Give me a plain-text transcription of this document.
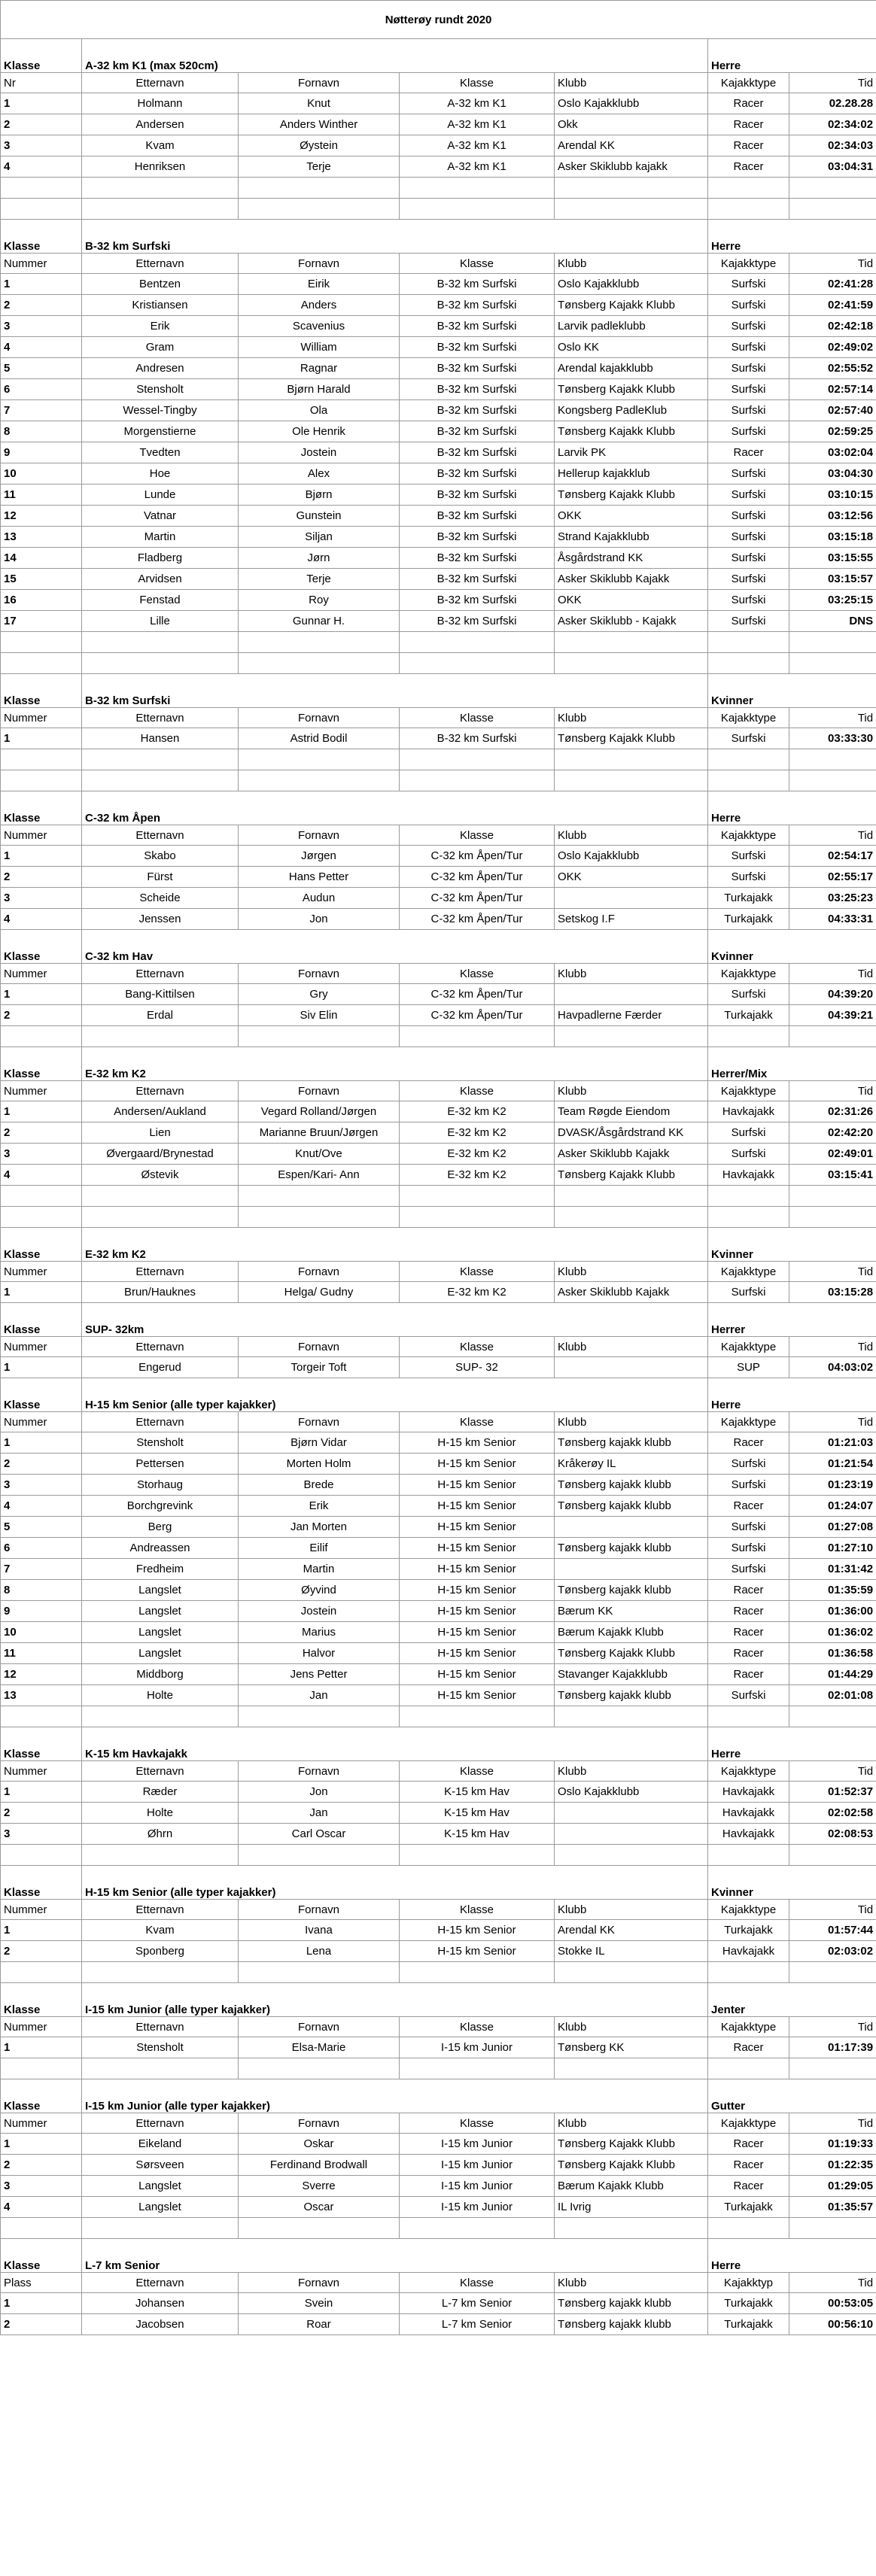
Nøtterøy rundt 2020						
Klasse	A-32 km K1 (max 520cm)				Herre	
Nr	Etternavn	Fornavn	Klasse	Klubb	Kajakktype	Tid
1	Holmann	Knut	A-32 km K1	Oslo Kajakklubb	Racer	02.28.28
2	Andersen	Anders Winther	A-32 km K1	Okk	Racer	02:34:02
3	Kvam	Øystein	A-32 km K1	Arendal KK	Racer	02:34:03
4	Henriksen	Terje	A-32 km K1	Asker Skiklubb kajakk	Racer	03:04:31

Klasse	B-32 km Surfski				Herre	
Nummer	Etternavn	Fornavn	Klasse	Klubb	Kajakktype	Tid
1	Bentzen	Eirik	B-32 km Surfski	Oslo Kajakklubb	Surfski	02:41:28
2	Kristiansen	Anders	B-32 km Surfski	Tønsberg Kajakk Klubb	Surfski	02:41:59
3	Erik	Scavenius	B-32 km Surfski	Larvik padleklubb	Surfski	02:42:18
4	Gram	William	B-32 km Surfski	Oslo KK	Surfski	02:49:02
5	Andresen	Ragnar	B-32 km Surfski	Arendal kajakklubb	Surfski	02:55:52
6	Stensholt	Bjørn Harald	B-32 km Surfski	Tønsberg Kajakk Klubb	Surfski	02:57:14
7	Wessel-Tingby	Ola	B-32 km Surfski	Kongsberg PadleKlub	Surfski	02:57:40
8	Morgenstierne	Ole Henrik	B-32 km Surfski	Tønsberg Kajakk Klubb	Surfski	02:59:25
9	Tvedten	Jostein	B-32 km Surfski	Larvik PK	Racer	03:02:04
10	Hoe	Alex	B-32 km Surfski	Hellerup kajakklub	Surfski	03:04:30
11	Lunde	Bjørn	B-32 km Surfski	Tønsberg Kajakk Klubb	Surfski	03:10:15
12	Vatnar	Gunstein	B-32 km Surfski	OKK	Surfski	03:12:56
13	Martin	Siljan	B-32 km Surfski	Strand Kajakklubb	Surfski	03:15:18
14	Fladberg	Jørn	B-32 km Surfski	Åsgårdstrand KK	Surfski	03:15:55
15	Arvidsen	Terje	B-32 km Surfski	Asker Skiklubb Kajakk	Surfski	03:15:57
16	Fenstad	Roy	B-32 km Surfski	OKK	Surfski	03:25:15
17	Lille	Gunnar H.	B-32 km Surfski	Asker Skiklubb - Kajakk	Surfski	DNS

Klasse	B-32 km Surfski				Kvinner	
Nummer	Etternavn	Fornavn	Klasse	Klubb	Kajakktype	Tid
1	Hansen	Astrid Bodil	B-32 km Surfski	Tønsberg Kajakk Klubb	Surfski	03:33:30

Klasse	C-32 km Åpen				Herre	
Nummer	Etternavn	Fornavn	Klasse	Klubb	Kajakktype	Tid
1	Skabo	Jørgen	C-32 km Åpen/Tur	Oslo Kajakklubb	Surfski	02:54:17
2	Fürst	Hans Petter	C-32 km Åpen/Tur	OKK	Surfski	02:55:17
3	Scheide	Audun	C-32 km Åpen/Tur		Turkajakk	03:25:23
4	Jenssen	Jon	C-32 km Åpen/Tur	Setskog I.F	Turkajakk	04:33:31
Klasse	C-32 km Hav				Kvinner	
Nummer	Etternavn	Fornavn	Klasse	Klubb	Kajakktype	Tid
1	Bang-Kittilsen	Gry	C-32 km Åpen/Tur		Surfski	04:39:20
2	Erdal	Siv Elin	C-32 km Åpen/Tur	Havpadlerne Færder	Turkajakk	04:39:21

Klasse	E-32 km K2				Herrer/Mix	
Nummer	Etternavn	Fornavn	Klasse	Klubb	Kajakktype	Tid
1	Andersen/Aukland	Vegard Rolland/Jørgen	E-32 km K2	Team Røgde Eiendom	Havkajakk	02:31:26
2	Lien	Marianne Bruun/Jørgen	E-32 km K2	DVASK/Åsgårdstrand KK	Surfski	02:42:20
3	Øvergaard/Brynestad	Knut/Ove	E-32 km K2	Asker Skiklubb Kajakk	Surfski	02:49:01
4	Østevik	Espen/Kari- Ann	E-32 km K2	Tønsberg Kajakk Klubb	Havkajakk	03:15:41

Klasse	E-32 km K2				Kvinner	
Nummer	Etternavn	Fornavn	Klasse	Klubb	Kajakktype	Tid
1	Brun/Hauknes	Helga/ Gudny	E-32 km K2	Asker Skiklubb Kajakk	Surfski	03:15:28
Klasse	SUP- 32km				Herrer	
Nummer	Etternavn	Fornavn	Klasse	Klubb	Kajakktype	Tid
1	Engerud	Torgeir Toft	SUP- 32		SUP	04:03:02
Klasse	H-15 km Senior (alle typer kajakker)				Herre	
Nummer	Etternavn	Fornavn	Klasse	Klubb	Kajakktype	Tid
1	Stensholt	Bjørn Vidar	H-15 km Senior	Tønsberg kajakk klubb	Racer	01:21:03
2	Pettersen	Morten Holm	H-15 km Senior	Kråkerøy IL	Surfski	01:21:54
3	Storhaug	Brede	H-15 km Senior	Tønsberg kajakk klubb	Surfski	01:23:19
4	Borchgrevink	Erik	H-15 km Senior	Tønsberg kajakk klubb	Racer	01:24:07
5	Berg	Jan Morten	H-15 km Senior		Surfski	01:27:08
6	Andreassen	Eilif	H-15 km Senior	Tønsberg kajakk klubb	Surfski	01:27:10
7	Fredheim	Martin	H-15 km Senior		Surfski	01:31:42
8	Langslet	Øyvind	H-15 km Senior	Tønsberg kajakk klubb	Racer	01:35:59
9	Langslet	Jostein	H-15 km Senior	Bærum KK	Racer	01:36:00
10	Langslet	Marius	H-15 km Senior	Bærum Kajakk Klubb	Racer	01:36:02
11	Langslet	Halvor	H-15 km Senior	Tønsberg Kajakk Klubb	Racer	01:36:58
12	Middborg	Jens Petter	H-15 km Senior	Stavanger Kajakklubb	Racer	01:44:29
13	Holte	Jan	H-15 km Senior	Tønsberg kajakk klubb	Surfski	02:01:08

Klasse	K-15 km Havkajakk				Herre	
Nummer	Etternavn	Fornavn	Klasse	Klubb	Kajakktype	Tid
1	Ræder	Jon	K-15 km Hav	Oslo Kajakklubb	Havkajakk	01:52:37
2	Holte	Jan	K-15 km Hav		Havkajakk	02:02:58
3	Øhrn	Carl Oscar	K-15 km Hav		Havkajakk	02:08:53

Klasse	H-15 km Senior (alle typer kajakker)				Kvinner	
Nummer	Etternavn	Fornavn	Klasse	Klubb	Kajakktype	Tid
1	Kvam	Ivana	H-15 km Senior	Arendal KK	Turkajakk	01:57:44
2	Sponberg	Lena	H-15 km Senior	Stokke IL	Havkajakk	02:03:02

Klasse	I-15 km Junior (alle typer kajakker)				Jenter	
Nummer	Etternavn	Fornavn	Klasse	Klubb	Kajakktype	Tid
1	Stensholt	Elsa-Marie	I-15 km Junior	Tønsberg KK	Racer	01:17:39

Klasse	I-15 km Junior (alle typer kajakker)				Gutter	
Nummer	Etternavn	Fornavn	Klasse	Klubb	Kajakktype	Tid
1	Eikeland	Oskar	I-15 km Junior	Tønsberg Kajakk Klubb	Racer	01:19:33
2	Sørsveen	Ferdinand Brodwall	I-15 km Junior	Tønsberg Kajakk Klubb	Racer	01:22:35
3	Langslet	Sverre	I-15 km Junior	Bærum Kajakk Klubb	Racer	01:29:05
4	Langslet	Oscar	I-15 km Junior	IL Ivrig	Turkajakk	01:35:57

Klasse	L-7 km Senior				Herre	
Plass	Etternavn	Fornavn	Klasse	Klubb	Kajakktyp	Tid
1	Johansen	Svein	L-7 km Senior	Tønsberg kajakk klubb	Turkajakk	00:53:05
2	Jacobsen	Roar	L-7 km Senior	Tønsberg kajakk klubb	Turkajakk	00:56:10
